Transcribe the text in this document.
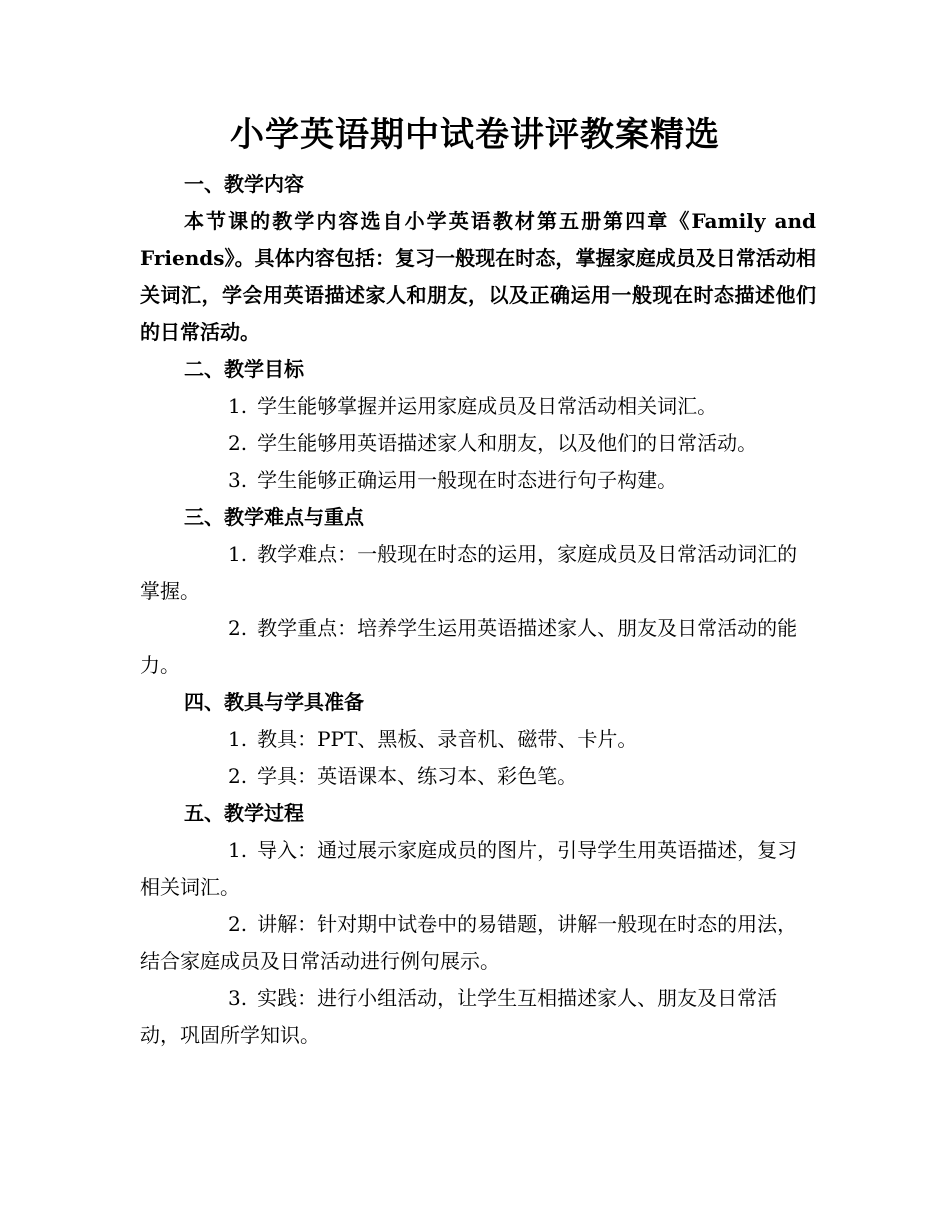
小学英语期中试卷讲评教案精选

一、教学内容

本节课的教学内容选自小学英语教材第五册第四章《Family and Friends》。具体内容包括：复习一般现在时态，掌握家庭成员及日常活动相关词汇，学会用英语描述家人和朋友，以及正确运用一般现在时态描述他们的日常活动。

二、教学目标

1. 学生能够掌握并运用家庭成员及日常活动相关词汇。

2. 学生能够用英语描述家人和朋友，以及他们的日常活动。

3. 学生能够正确运用一般现在时态进行句子构建。

三、教学难点与重点

1. 教学难点：一般现在时态的运用，家庭成员及日常活动词汇的掌握。

2. 教学重点：培养学生运用英语描述家人、朋友及日常活动的能力。

四、教具与学具准备

1. 教具：PPT、黑板、录音机、磁带、卡片。

2. 学具：英语课本、练习本、彩色笔。

五、教学过程

1. 导入：通过展示家庭成员的图片，引导学生用英语描述，复习相关词汇。

2. 讲解：针对期中试卷中的易错题，讲解一般现在时态的用法，结合家庭成员及日常活动进行例句展示。

3. 实践：进行小组活动，让学生互相描述家人、朋友及日常活动，巩固所学知识。
